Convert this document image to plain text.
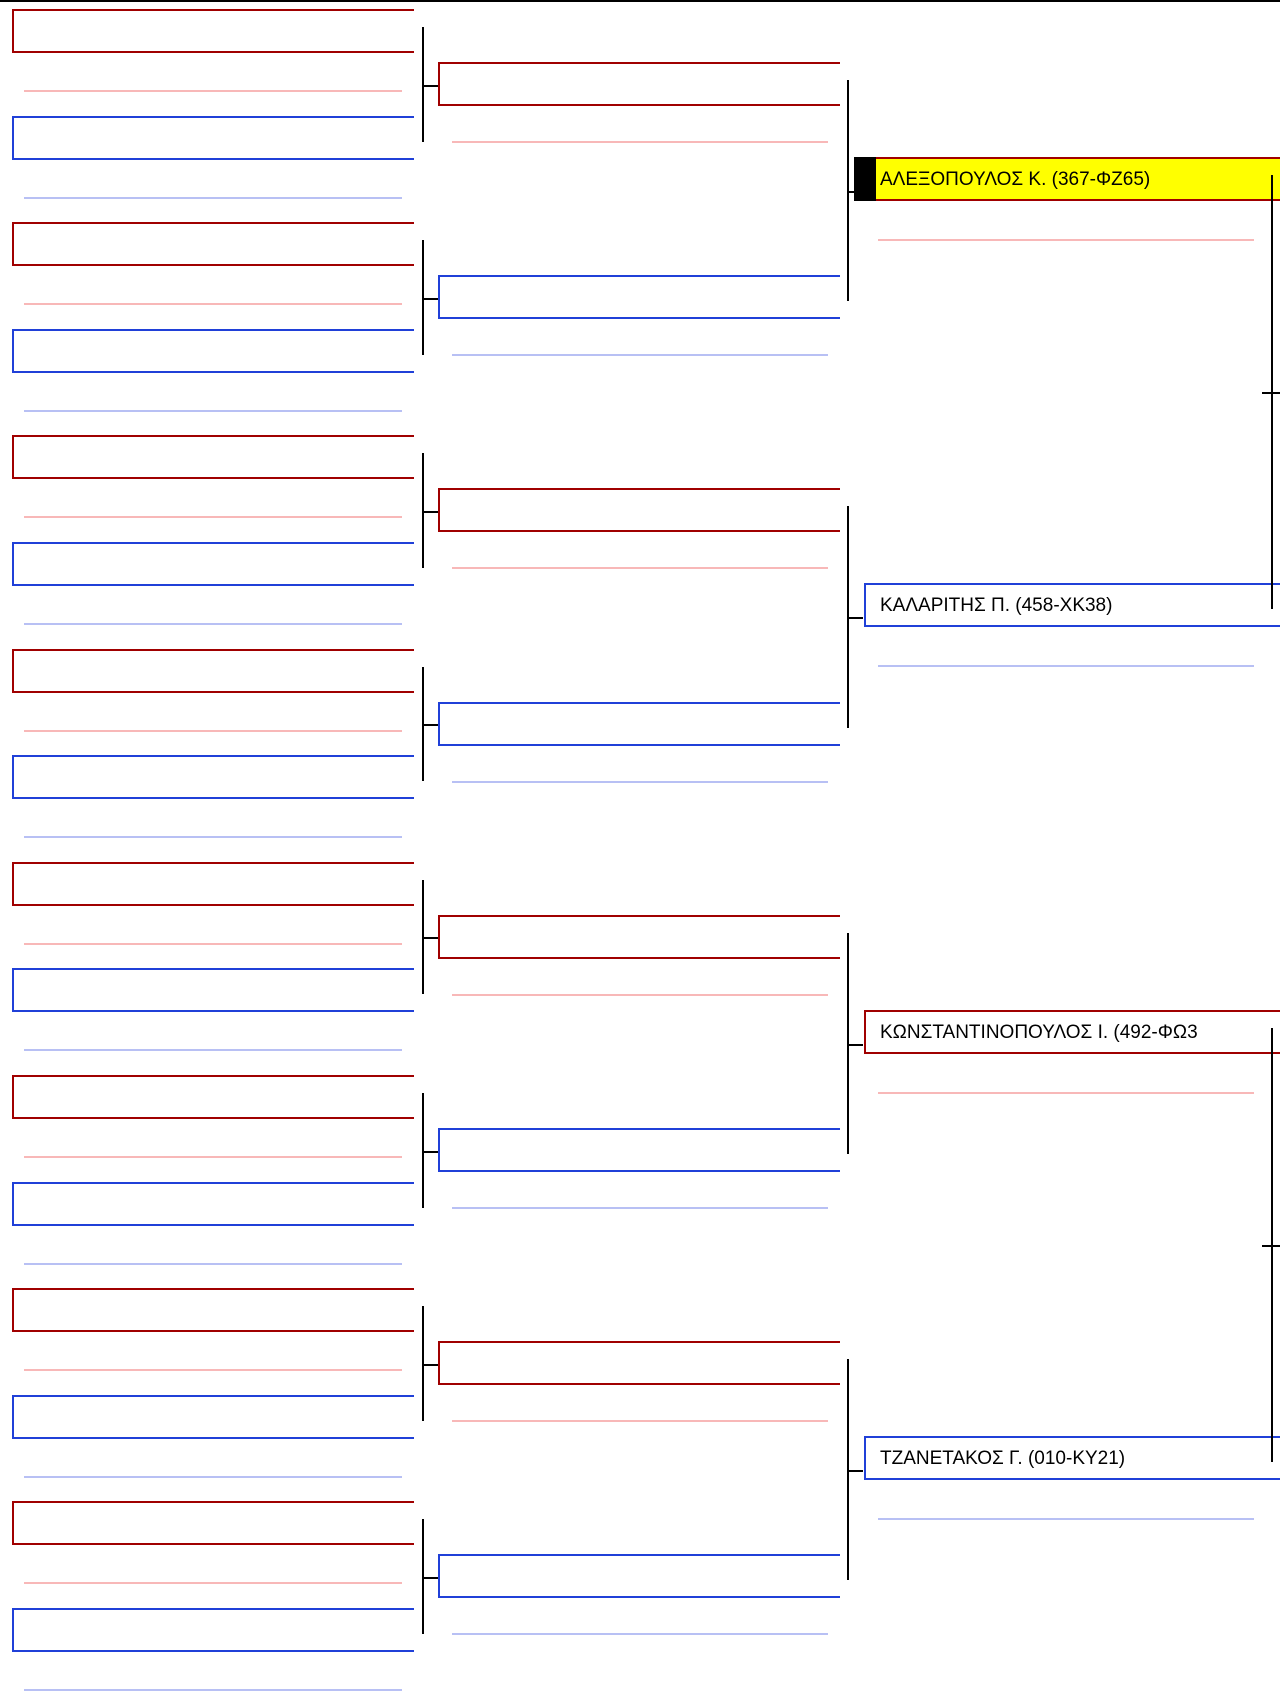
ΑΛΕΞΟΠΟΥΛΟΣ Κ. (367-ΦΖ65)
ΚΑΛΑΡΙΤΗΣ Π. (458-ΧΚ38)
ΚΩΝΣΤΑΝΤΙΝΟΠΟΥΛΟΣ Ι. (492-ΦΩ3
ΤΖΑΝΕΤΑΚΟΣ Γ. (010-ΚΥ21)
